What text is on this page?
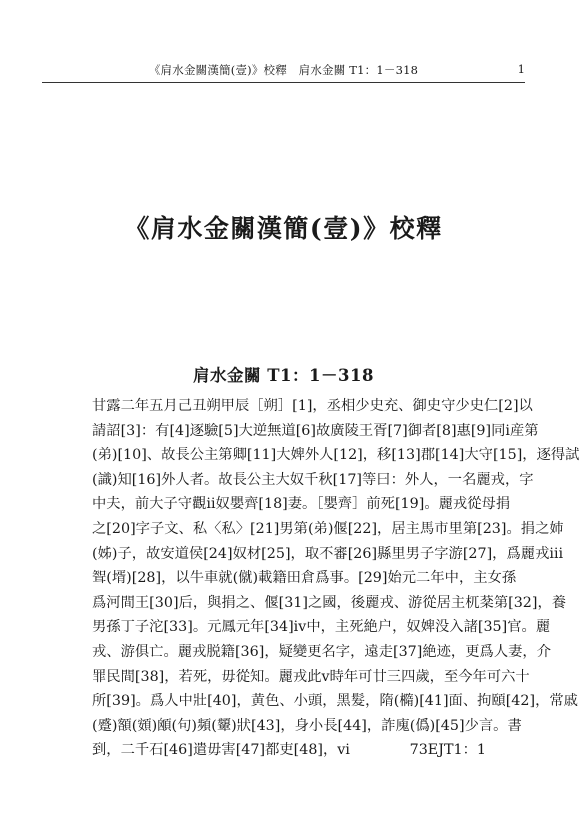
《肩水金關漢簡(壹)》校釋　肩水金關 T1：1－318	1
《肩水金關漢簡(壹)》校釋
肩水金關 T1：1－318
甘露二年五月己丑朔甲辰［朔］[1]，丞相少史充、御史守少史仁[2]以
請詔[3]：有[4]逐驗[5]大逆無道[6]故廣陵王胥[7]御者[8]惠[9]同ⅰ産第
(弟)[10]、故長公主第卿[11]大婢外人[12]，移[13]郡[14]大守[15]，逐得試
(識)知[16]外人者。故長公主大奴千秋[17]等曰：外人，一名麗戎，字
中夫，前大子守觀ⅱ奴嬰齊[18]妻。［嬰齊］前死[19]。麗戎從母捐
之[20]字子文、私〈私〉[21]男第(弟)偃[22]，居主馬市里第[23]。捐之姉
(姊)子，故安道侯[24]奴材[25]，取不審[26]縣里男子字游[27]，爲麗戎ⅲ
聟(壻)[28]，以牛車就(僦)載籍田倉爲事。[29]始元二年中，主女孫
爲河間王[30]后，與捐之、偃[31]之國，後麗戎、游從居主杌棻第[32]，養
男孫丁子沱[33]。元鳳元年[34]ⅳ中，主死絶户，奴婢没入諸[35]官。麗
戎、游俱亡。麗戎脱籍[36]，疑變更名字，遠走[37]絶迹，更爲人妻，介
罪民間[38]，若死，毋從知。麗戎此ⅴ時年可廿三四歲，至今年可六十
所[39]。爲人中壯[40]，黄色、小頭，黑髮，隋(橢)[41]面、拘頤[42]，常戚
(蹙)額(頞)䪿(句)頻(顰)狀[43]，身小長[44]，詐廆(僞)[45]少言。書
到，二千石[46]遣毋害[47]都吏[48]，ⅵ	73EJT1：1
